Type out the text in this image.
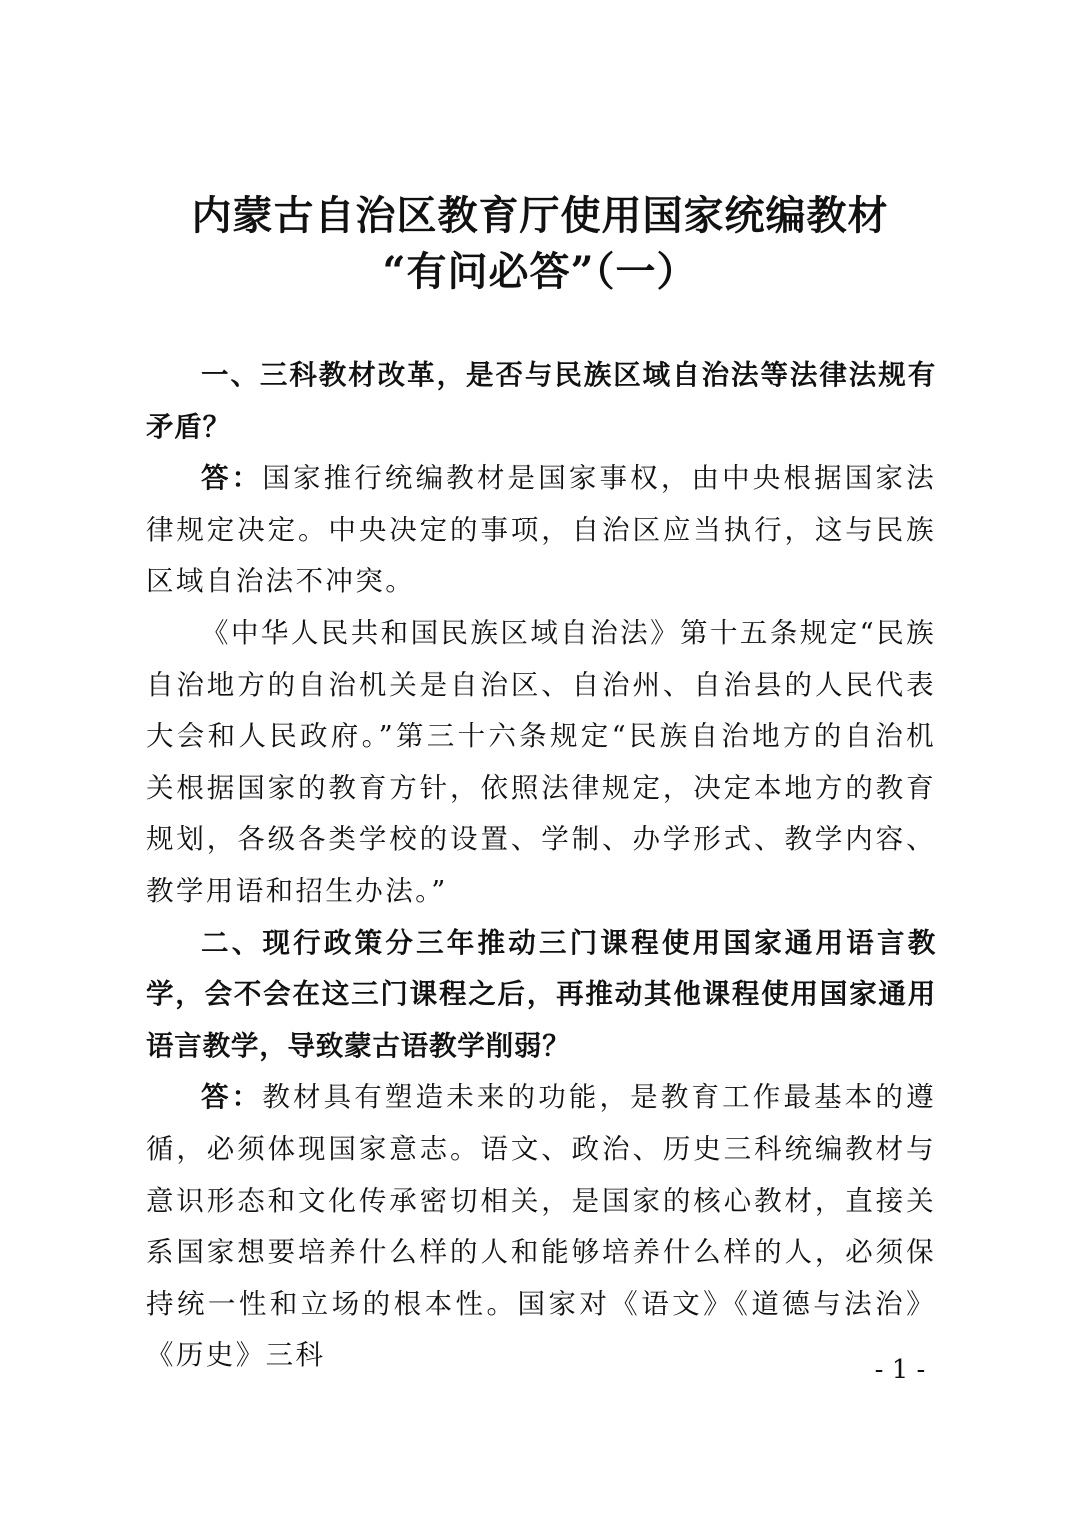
内蒙古自治区教育厅使用国家统编教材
“有问必答”（一）

一、三科教材改革，是否与民族区域自治法等法律法规有矛盾？

答：国家推行统编教材是国家事权，由中央根据国家法律规定决定。中央决定的事项，自治区应当执行，这与民族区域自治法不冲突。

《中华人民共和国民族区域自治法》第十五条规定“民族自治地方的自治机关是自治区、自治州、自治县的人民代表大会和人民政府。”第三十六条规定“民族自治地方的自治机关根据国家的教育方针，依照法律规定，决定本地方的教育规划，各级各类学校的设置、学制、办学形式、教学内容、教学用语和招生办法。”

二、现行政策分三年推动三门课程使用国家通用语言教学，会不会在这三门课程之后，再推动其他课程使用国家通用语言教学，导致蒙古语教学削弱？

答：教材具有塑造未来的功能，是教育工作最基本的遵循，必须体现国家意志。语文、政治、历史三科统编教材与意识形态和文化传承密切相关，是国家的核心教材，直接关系国家想要培养什么样的人和能够培养什么样的人，必须保持统一性和立场的根本性。国家对《语文》《道德与法治》《历史》三科	- 1 -
